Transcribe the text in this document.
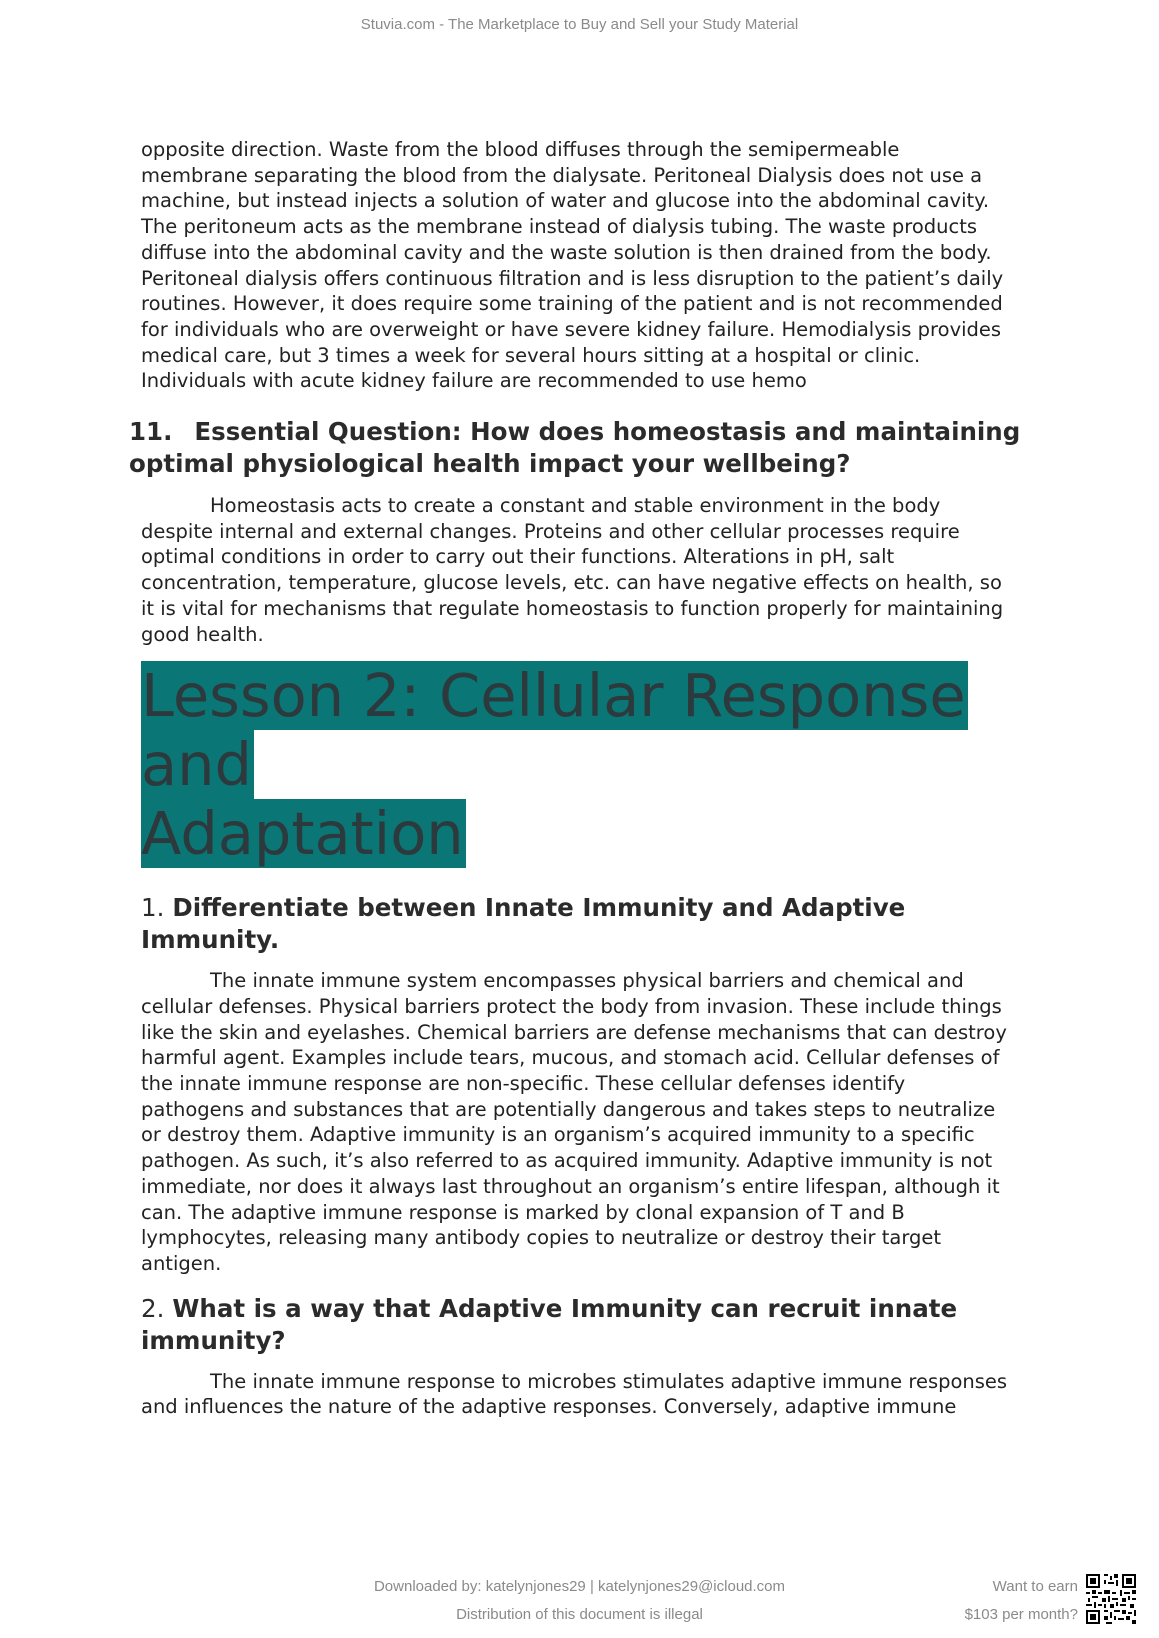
Stuvia.com - The Marketplace to Buy and Sell your Study Material
opposite direction. Waste from the blood diffuses through the semipermeable
membrane separating the blood from the dialysate. Peritoneal Dialysis does not use a
machine, but instead injects a solution of water and glucose into the abdominal cavity.
The peritoneum acts as the membrane instead of dialysis tubing. The waste products
diffuse into the abdominal cavity and the waste solution is then drained from the body.
Peritoneal dialysis offers continuous filtration and is less disruption to the patient’s daily
routines. However, it does require some training of the patient and is not recommended
for individuals who are overweight or have severe kidney failure. Hemodialysis provides
medical care, but 3 times a week for several hours sitting at a hospital or clinic.
Individuals with acute kidney failure are recommended to use hemo
11. Essential Question: How does homeostasis and maintaining
optimal physiological health impact your wellbeing?
Homeostasis acts to create a constant and stable environment in the body
despite internal and external changes. Proteins and other cellular processes require
optimal conditions in order to carry out their functions. Alterations in pH, salt
concentration, temperature, glucose levels, etc. can have negative effects on health, so
it is vital for mechanisms that regulate homeostasis to function properly for maintaining
good health.
Lesson 2: Cellular Response and
Adaptation
1. Differentiate between Innate Immunity and Adaptive
Immunity.
The innate immune system encompasses physical barriers and chemical and
cellular defenses. Physical barriers protect the body from invasion. These include things
like the skin and eyelashes. Chemical barriers are defense mechanisms that can destroy
harmful agent. Examples include tears, mucous, and stomach acid. Cellular defenses of
the innate immune response are non-specific. These cellular defenses identify
pathogens and substances that are potentially dangerous and takes steps to neutralize
or destroy them. Adaptive immunity is an organism’s acquired immunity to a specific
pathogen. As such, it’s also referred to as acquired immunity. Adaptive immunity is not
immediate, nor does it always last throughout an organism’s entire lifespan, although it
can. The adaptive immune response is marked by clonal expansion of T and B
lymphocytes, releasing many antibody copies to neutralize or destroy their target
antigen.
2. What is a way that Adaptive Immunity can recruit innate
immunity?
The innate immune response to microbes stimulates adaptive immune responses
and influences the nature of the adaptive responses. Conversely, adaptive immune
Downloaded by: katelynjones29 | katelynjones29@icloud.com
Distribution of this document is illegal
Want to earn
$103 per month?
